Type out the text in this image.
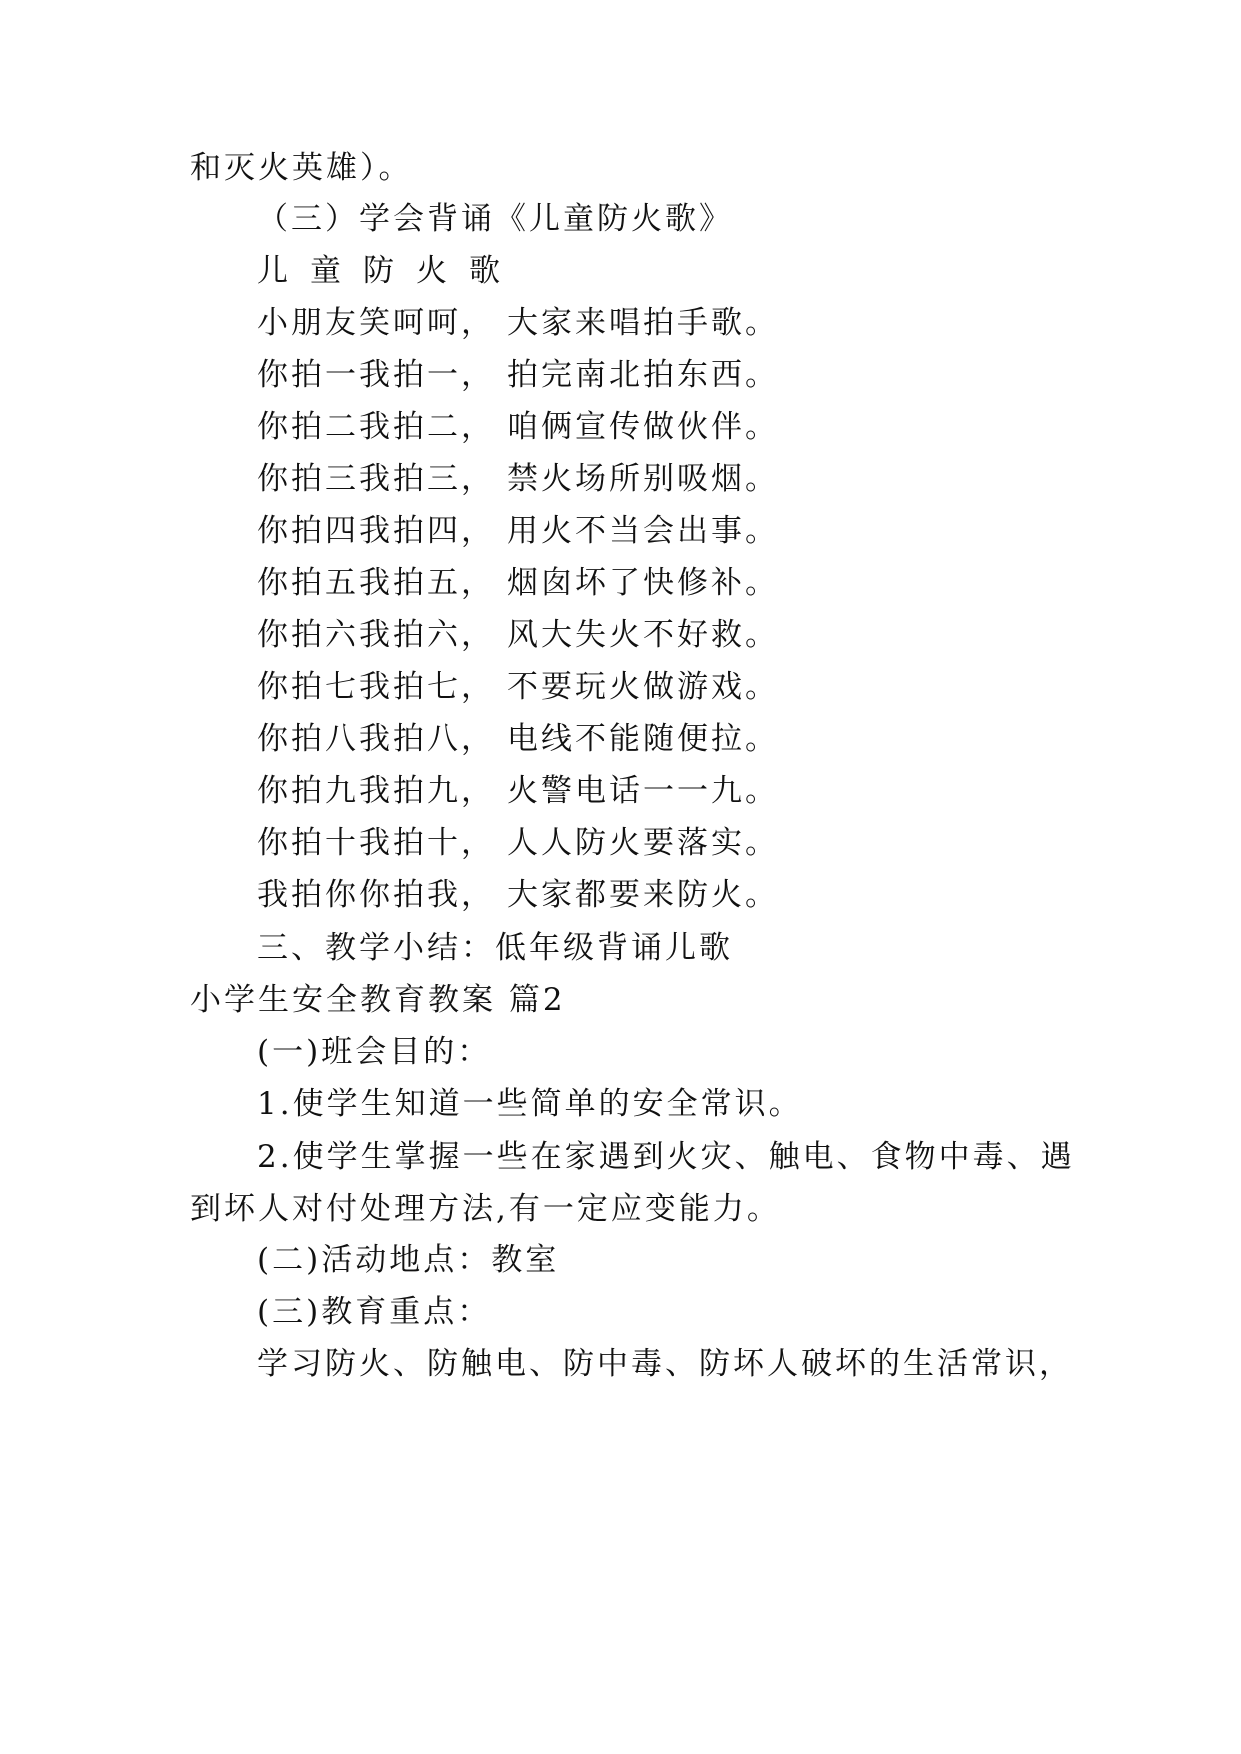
和灭火英雄）。
（三）学会背诵《儿童防火歌》
儿童防火歌
小朋友笑呵呵， 大家来唱拍手歌。
你拍一我拍一， 拍完南北拍东西。
你拍二我拍二， 咱俩宣传做伙伴。
你拍三我拍三， 禁火场所别吸烟。
你拍四我拍四， 用火不当会出事。
你拍五我拍五， 烟囱坏了快修补。
你拍六我拍六， 风大失火不好救。
你拍七我拍七， 不要玩火做游戏。
你拍八我拍八， 电线不能随便拉。
你拍九我拍九， 火警电话一一九。
你拍十我拍十， 人人防火要落实。
我拍你你拍我， 大家都要来防火。
三、教学小结：低年级背诵儿歌
小学生安全教育教案 篇2
(一)班会目的：
1.使学生知道一些简单的安全常识。
2.使学生掌握一些在家遇到火灾、触电、食物中毒、遇
到坏人对付处理方法,有一定应变能力。
(二)活动地点：教室
(三)教育重点：
学习防火、防触电、防中毒、防坏人破坏的生活常识，
